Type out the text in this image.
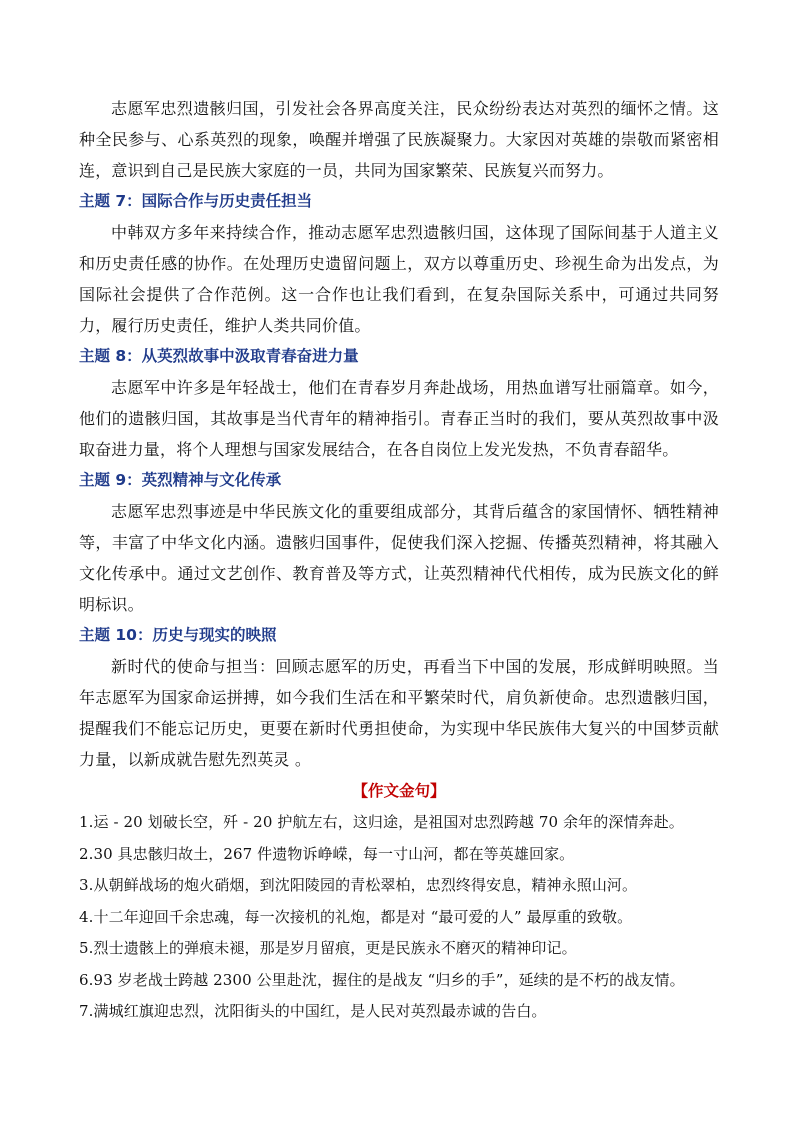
志愿军忠烈遗骸归国，引发社会各界高度关注，民众纷纷表达对英烈的缅怀之情。这种全民参与、心系英烈的现象，唤醒并增强了民族凝聚力。大家因对英雄的崇敬而紧密相连，意识到自己是民族大家庭的一员，共同为国家繁荣、民族复兴而努力。

主题 7：国际合作与历史责任担当

中韩双方多年来持续合作，推动志愿军忠烈遗骸归国，这体现了国际间基于人道主义和历史责任感的协作。在处理历史遗留问题上，双方以尊重历史、珍视生命为出发点，为国际社会提供了合作范例。这一合作也让我们看到，在复杂国际关系中，可通过共同努力，履行历史责任，维护人类共同价值。

主题 8：从英烈故事中汲取青春奋进力量

志愿军中许多是年轻战士，他们在青春岁月奔赴战场，用热血谱写壮丽篇章。如今，他们的遗骸归国，其故事是当代青年的精神指引。青春正当时的我们，要从英烈故事中汲取奋进力量，将个人理想与国家发展结合，在各自岗位上发光发热，不负青春韶华。

主题 9：英烈精神与文化传承

志愿军忠烈事迹是中华民族文化的重要组成部分，其背后蕴含的家国情怀、牺牲精神等，丰富了中华文化内涵。遗骸归国事件，促使我们深入挖掘、传播英烈精神，将其融入文化传承中。通过文艺创作、教育普及等方式，让英烈精神代代相传，成为民族文化的鲜明标识。

主题 10：历史与现实的映照

新时代的使命与担当：回顾志愿军的历史，再看当下中国的发展，形成鲜明映照。当年志愿军为国家命运拼搏，如今我们生活在和平繁荣时代，肩负新使命。忠烈遗骸归国，提醒我们不能忘记历史，更要在新时代勇担使命，为实现中华民族伟大复兴的中国梦贡献力量，以新成就告慰先烈英灵 。

【作文金句】

1.运 - 20 划破长空，歼 - 20 护航左右，这归途，是祖国对忠烈跨越 70 余年的深情奔赴。
2.30 具忠骸归故土，267 件遗物诉峥嵘，每一寸山河，都在等英雄回家。
3.从朝鲜战场的炮火硝烟，到沈阳陵园的青松翠柏，忠烈终得安息，精神永照山河。
4.十二年迎回千余忠魂，每一次接机的礼炮，都是对 “最可爱的人” 最厚重的致敬。
5.烈士遗骸上的弹痕未褪，那是岁月留痕，更是民族永不磨灭的精神印记。
6.93 岁老战士跨越 2300 公里赴沈，握住的是战友 “归乡的手”，延续的是不朽的战友情。
7.满城红旗迎忠烈，沈阳街头的中国红，是人民对英烈最赤诚的告白。
